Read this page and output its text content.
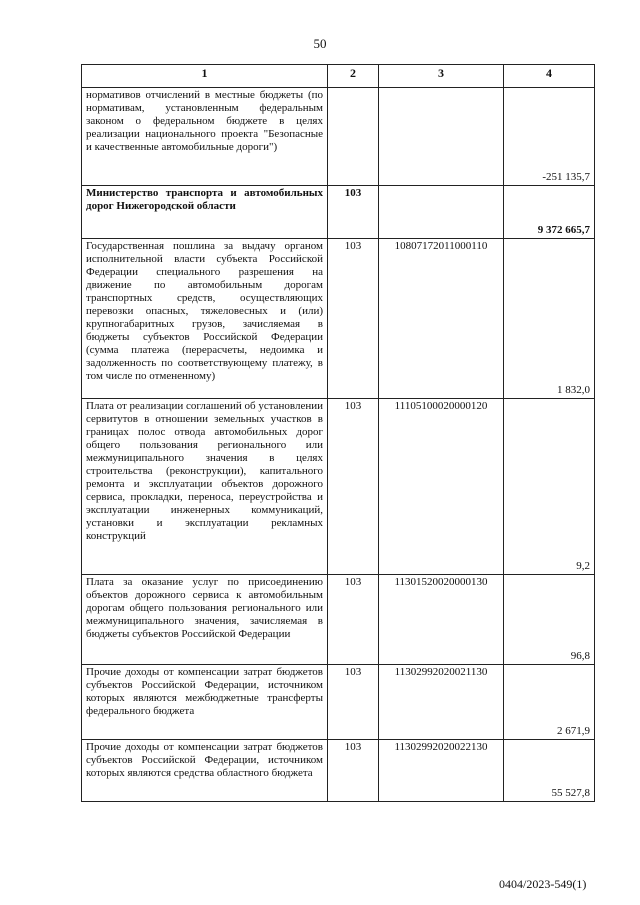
50
1	2	3	4
нормативов отчислений в местные бюджеты (по нормативам, установленным федеральным законом о федеральном бюджете в целях реализации национального проекта "Безопасные и качественные автомобильные дороги")			-251 135,7
Министерство транспорта и автомобильных дорог Нижегородской области	103		9 372 665,7
Государственная пошлина за выдачу органом исполнительной власти субъекта Российской Федерации специального разрешения на движение по автомобильным дорогам транспортных средств, осуществляющих перевозки опасных, тяжеловесных и (или) крупногабаритных грузов, зачисляемая в бюджеты субъектов Российской Федерации (сумма платежа (перерасчеты, недоимка и задолженность по соответствующему платежу, в том числе по отмененному)	103	10807172011000110	1 832,0
Плата от реализации соглашений об установлении сервитутов в отношении земельных участков в границах полос отвода автомобильных дорог общего пользования регионального или межмуниципального значения в целях строительства (реконструкции), капитального ремонта и эксплуатации объектов дорожного сервиса, прокладки, переноса, переустройства и эксплуатации инженерных коммуникаций, установки и эксплуатации рекламных конструкций	103	11105100020000120	9,2
Плата за оказание услуг по присоединению объектов дорожного сервиса к автомобильным дорогам общего пользования регионального или межмуниципального значения, зачисляемая в бюджеты субъектов Российской Федерации	103	11301520020000130	96,8
Прочие доходы от компенсации затрат бюджетов субъектов Российской Федерации, источником которых являются межбюджетные трансферты федерального бюджета	103	11302992020021130	2 671,9
Прочие доходы от компенсации затрат бюджетов субъектов Российской Федерации, источником которых являются средства областного бюджета	103	11302992020022130	55 527,8
0404/2023-549(1)
